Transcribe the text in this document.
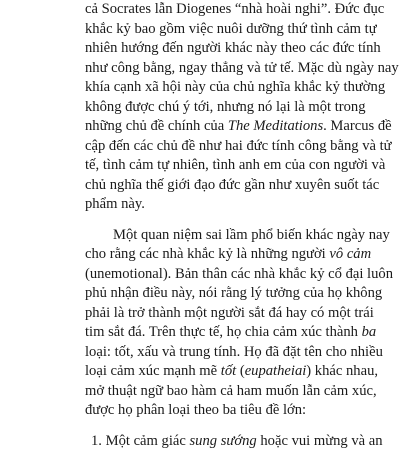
cả Socrates lẫn Diogenes “nhà hoài nghi”. Đức đục
khắc kỷ bao gồm việc nuôi dưỡng thứ tình cảm tự
nhiên hướng đến người khác này theo các đức tính
như công bằng, ngay thẳng và tử tế. Mặc dù ngày nay
khía cạnh xã hội này của chủ nghĩa khắc kỷ thường
không được chú ý tới, nhưng nó lại là một trong
những chủ đề chính của The Meditations. Marcus đề
cập đến các chủ đề như hai đức tính công bằng và tử
tế, tình cảm tự nhiên, tình anh em của con người và
chủ nghĩa thế giới đạo đức gần như xuyên suốt tác
phẩm này.
Một quan niệm sai lầm phổ biến khác ngày nay
cho rằng các nhà khắc kỷ là những người vô cảm
(unemotional). Bản thân các nhà khắc kỷ cổ đại luôn
phủ nhận điều này, nói rằng lý tưởng của họ không
phải là trở thành một người sắt đá hay có một trái
tim sắt đá. Trên thực tế, họ chia cảm xúc thành ba
loại: tốt, xấu và trung tính. Họ đã đặt tên cho nhiều
loại cảm xúc mạnh mẽ tốt (eupatheiai) khác nhau,
mở thuật ngữ bao hàm cả ham muốn lẫn cảm xúc,
được họ phân loại theo ba tiêu đề lớn:
1. Một cảm giác sung sướng hoặc vui mừng và an
